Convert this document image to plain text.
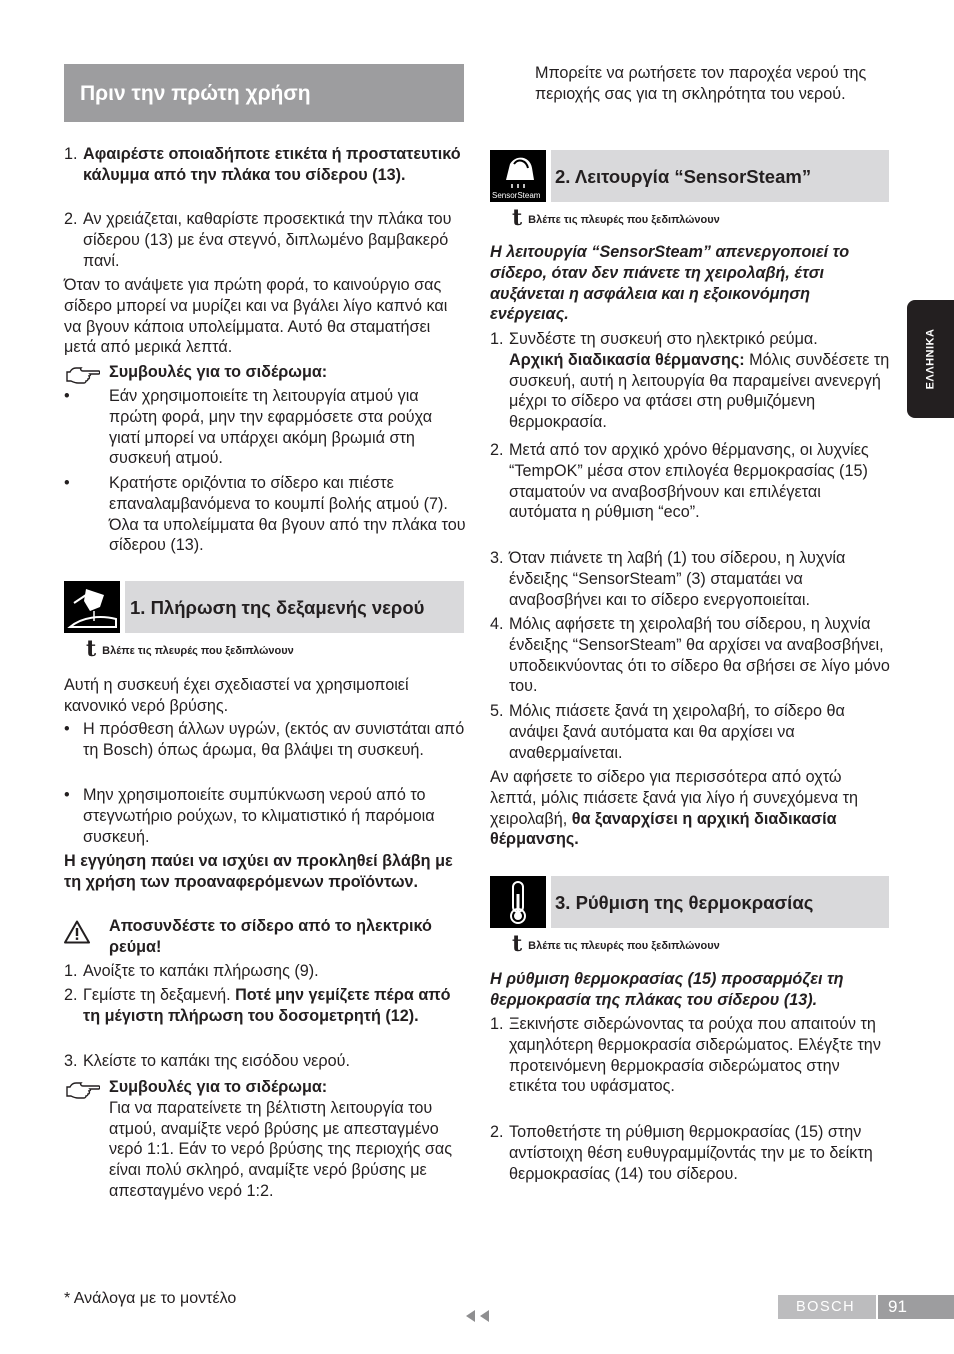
Πριν την πρώτη χρήση
1. Αφαιρέστε οποιαδήποτε ετικέτα ή προστατευτικό κάλυμμα από την πλάκα του σίδερου (13).
2. Αν χρειάζεται, καθαρίστε προσεκτικά την πλάκα του σίδερου (13) με ένα στεγνό, διπλωμένο βαμβακερό πανί.
Όταν το ανάψετε για πρώτη φορά, το καινούργιο σας σίδερο μπορεί να μυρίζει και να βγάλει λίγο καπνό και να βγουν κάποια υπολείμματα. Αυτό θα σταματήσει μετά από μερικά λεπτά.
Συμβουλές για το σιδέρωμα:
• Εάν χρησιμοποιείτε τη λειτουργία ατμού για πρώτη φορά, μην την εφαρμόσετε στα ρούχα γιατί μπορεί να υπάρχει ακόμη βρωμιά στη συσκευή ατμού.
• Κρατήστε οριζόντια το σίδερο και πιέστε επαναλαμβανόμενα το κουμπί βολής ατμού (7). Όλα τα υπολείμματα θα βγουν από την πλάκα του σίδερου (13).
1. Πλήρωση της δεξαμενής νερού
t Βλέπε τις πλευρές που ξεδιπλώνουν
Αυτή η συσκευή έχει σχεδιαστεί να χρησιμοποιεί κανονικό νερό βρύσης.
• Η πρόσθεση άλλων υγρών, (εκτός αν συνιστάται από τη Bosch) όπως άρωμα, θα βλάψει τη συσκευή.
• Μην χρησιμοποιείτε συμπύκνωση νερού από το στεγνωτήριο ρούχων, το κλιματιστικό ή παρόμοια συσκευή.
Η εγγύηση παύει να ισχύει αν προκληθεί βλάβη με τη χρήση των προαναφερόμενων προϊόντων.
Αποσυνδέστε το σίδερο από το ηλεκτρικό ρεύμα!
1. Ανοίξτε το καπάκι πλήρωσης (9).
2. Γεμίστε τη δεξαμενή. Ποτέ μην γεμίζετε πέρα από τη μέγιστη πλήρωση του δοσομετρητή (12).
3. Κλείστε το καπάκι της εισόδου νερού.
Συμβουλές για το σιδέρωμα:
Για να παρατείνετε τη βέλτιστη λειτουργία του ατμού, αναμίξτε νερό βρύσης με απεσταγμένο νερό 1:1. Εάν το νερό βρύσης της περιοχής σας είναι πολύ σκληρό, αναμίξτε νερό βρύσης με απεσταγμένο νερό 1:2.
* Ανάλογα με το μοντέλο
Μπορείτε να ρωτήσετε τον παροχέα νερού της περιοχής σας για τη σκληρότητα του νερού.
SensorSteam
2. Λειτουργία “SensorSteam”
t Βλέπε τις πλευρές που ξεδιπλώνουν
Η λειτουργία “SensorSteam” απενεργοποιεί το σίδερο, όταν δεν πιάνετε τη χειρολαβή, έτσι αυξάνεται η ασφάλεια και η εξοικονόμηση ενέργειας.
1. Συνδέστε τη συσκευή στο ηλεκτρικό ρεύμα.
Αρχική διαδικασία θέρμανσης: Μόλις συνδέσετε τη συσκευή, αυτή η λειτουργία θα παραμείνει ανενεργή μέχρι το σίδερο να φτάσει στη ρυθμιζόμενη θερμοκρασία.
2. Μετά από τον αρχικό χρόνο θέρμανσης, οι λυχνίες “TempOK” μέσα στον επιλογέα θερμοκρασίας (15) σταματούν να αναβοσβήνουν και επιλέγεται αυτόματα η ρύθμιση “eco”.
3. Όταν πιάνετε τη λαβή (1) του σίδερου, η λυχνία ένδειξης “SensorSteam” (3) σταματάει να αναβοσβήνει και το σίδερο ενεργοποιείται.
4. Μόλις αφήσετε τη χειρολαβή του σίδερου, η λυχνία ένδειξης “SensorSteam” θα αρχίσει να αναβοσβήνει, υποδεικνύοντας ότι το σίδερο θα σβήσει σε λίγο μόνο του.
5. Μόλις πιάσετε ξανά τη χειρολαβή, το σίδερο θα ανάψει ξανά αυτόματα και θα αρχίσει να αναθερμαίνεται.
Αν αφήσετε το σίδερο για περισσότερα από οχτώ λεπτά, μόλις πιάσετε ξανά για λίγο ή συνεχόμενα τη χειρολαβή, θα ξαναρχίσει η αρχική διαδικασία θέρμανσης.
3. Ρύθμιση της θερμοκρασίας
t Βλέπε τις πλευρές που ξεδιπλώνουν
Η ρύθμιση θερμοκρασίας (15) προσαρμόζει τη θερμοκρασία της πλάκας του σίδερου (13).
1. Ξεκινήστε σιδερώνοντας τα ρούχα που απαιτούν τη χαμηλότερη θερμοκρασία σιδερώματος. Ελέγξτε την προτεινόμενη θερμοκρασία σιδερώματος στην ετικέτα του υφάσματος.
2. Τοποθετήστε τη ρύθμιση θερμοκρασίας (15) στην αντίστοιχη θέση ευθυγραμμίζοντάς την με το δείκτη θερμοκρασίας (14) του σίδερου.
ΕΛΛΗΝΙΚΑ
BOSCH 91
